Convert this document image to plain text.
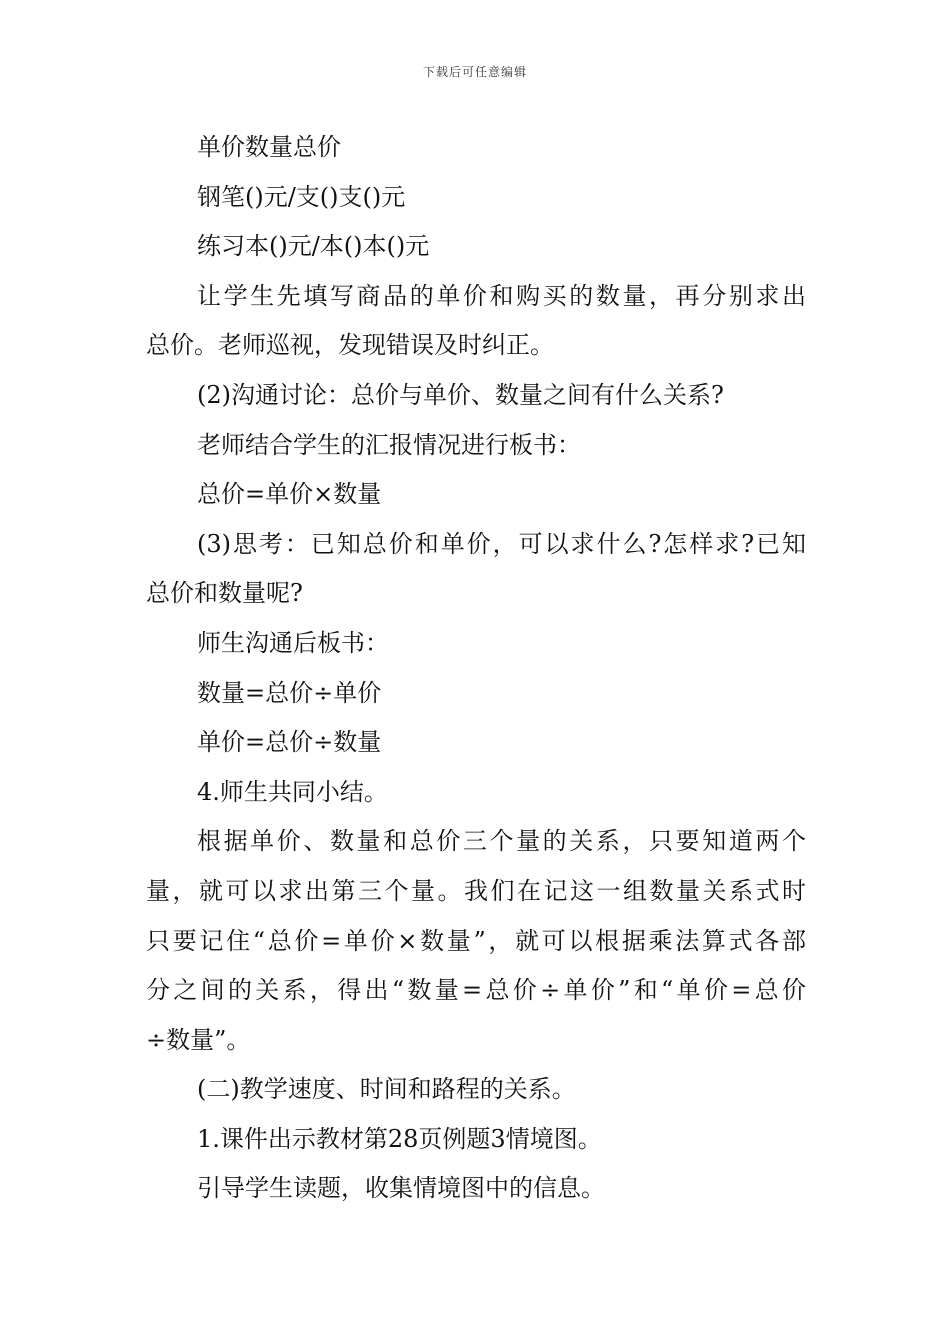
下载后可任意编辑
单价数量总价
钢笔()元/支()支()元
练习本()元/本()本()元
让学生先填写商品的单价和购买的数量，再分别求出
总价。老师巡视，发现错误及时纠正。
(2)沟通讨论：总价与单价、数量之间有什么关系?
老师结合学生的汇报情况进行板书：
总价=单价×数量
(3)思考：已知总价和单价，可以求什么?怎样求?已知
总价和数量呢?
师生沟通后板书：
数量=总价÷单价
单价=总价÷数量
4.师生共同小结。
根据单价、数量和总价三个量的关系，只要知道两个
量，就可以求出第三个量。我们在记这一组数量关系式时
只要记住“总价=单价×数量”，就可以根据乘法算式各部
分之间的关系，得出“数量=总价÷单价”和“单价=总价
÷数量”。
(二)教学速度、时间和路程的关系。
1.课件出示教材第28页例题3情境图。
引导学生读题，收集情境图中的信息。
